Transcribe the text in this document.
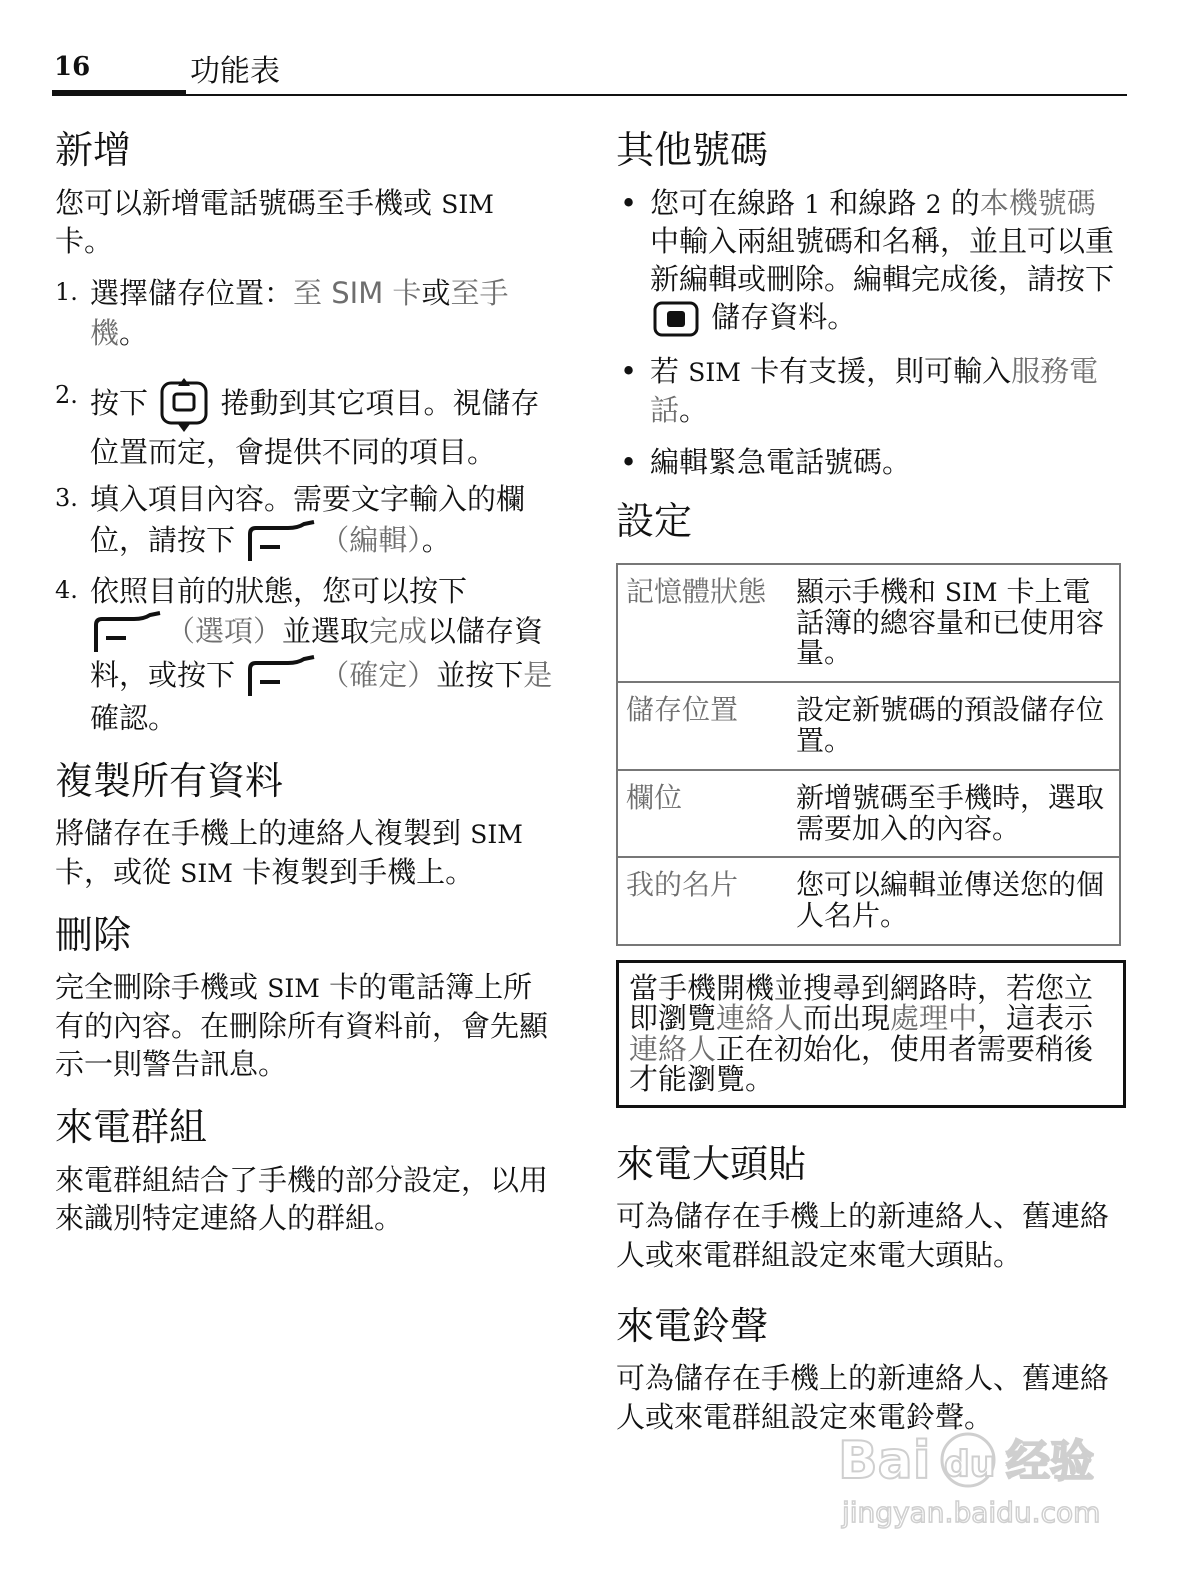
16	功能表
新增

您可以新增電話號碼至手機或 SIM
卡。

1. 選擇儲存位置：至 SIM 卡或至手機。
2. 按下 捲動到其它項目。視儲存位置而定，會提供不同的項目。
3. 填入項目內容。需要文字輸入的欄位，請按下	（編輯）。
4. 依照目前的狀態，您可以按下
（選項）並選取完成以儲存資料，或按下	（確定）並按下是確認。
複製所有資料

將儲存在手機上的連絡人複製到 SIM
卡，或從 SIM 卡複製到手機上。

刪除

完全刪除手機或 SIM 卡的電話簿上所有的內容。在刪除所有資料前，會先顯示一則警告訊息。

來電群組

來電群組結合了手機的部分設定，以用來識別特定連絡人的群組。

其他號碼
• 您可在線路 1 和線路 2 的本機號碼中輸入兩組號碼和名稱，並且可以重新編輯或刪除。編輯完成後，請按下  儲存資料。
• 若 SIM 卡有支援，則可輸入服務電話。
• 編輯緊急電話號碼。
設定
記憶體狀態	顯示手機和 SIM 卡上電話簿的總容量和已使用容量。
儲存位置	設定新號碼的預設儲存位置。
欄位	新增號碼至手機時，選取需要加入的內容。
我的名片	您可以編輯並傳送您的個人名片。
當手機開機並搜尋到網路時，若您立即瀏覽連絡人而出現處理中，這表示連絡人正在初始化，使用者需要稍後才能瀏覽。
來電大頭貼

可為儲存在手機上的新連絡人、舊連絡人或來電群組設定來電大頭貼。

來電鈴聲

可為儲存在手機上的新連絡人、舊連絡人或來電群組設定來電鈴聲。

Bai du 经验
jingyan.baidu.com
